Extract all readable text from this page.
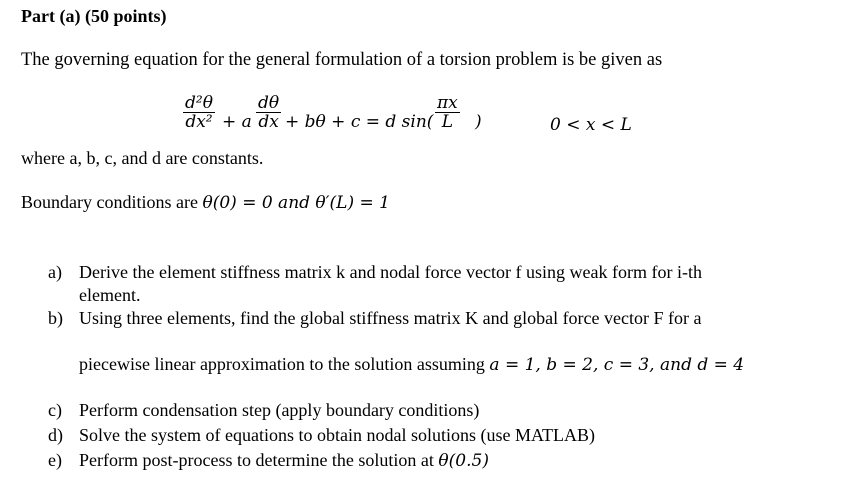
Part (a) (50 points)
The governing equation for the general formulation of a torsion problem is be given as
d²θ
dx² + a
dθ
dx + bθ + c = d sin(
πx
L )	0 < x < L
where a, b, c, and d are constants.
Boundary conditions are θ(0) = 0 and θ′(L) = 1
a) Derive the element stiffness matrix k and nodal force vector f using weak form for i-th
element.
b) Using three elements, find the global stiffness matrix K and global force vector F for a
piecewise linear approximation to the solution assuming a = 1, b = 2, c = 3, and d = 4
c) Perform condensation step (apply boundary conditions)
d) Solve the system of equations to obtain nodal solutions (use MATLAB)
e) Perform post-process to determine the solution at θ(0.5)
